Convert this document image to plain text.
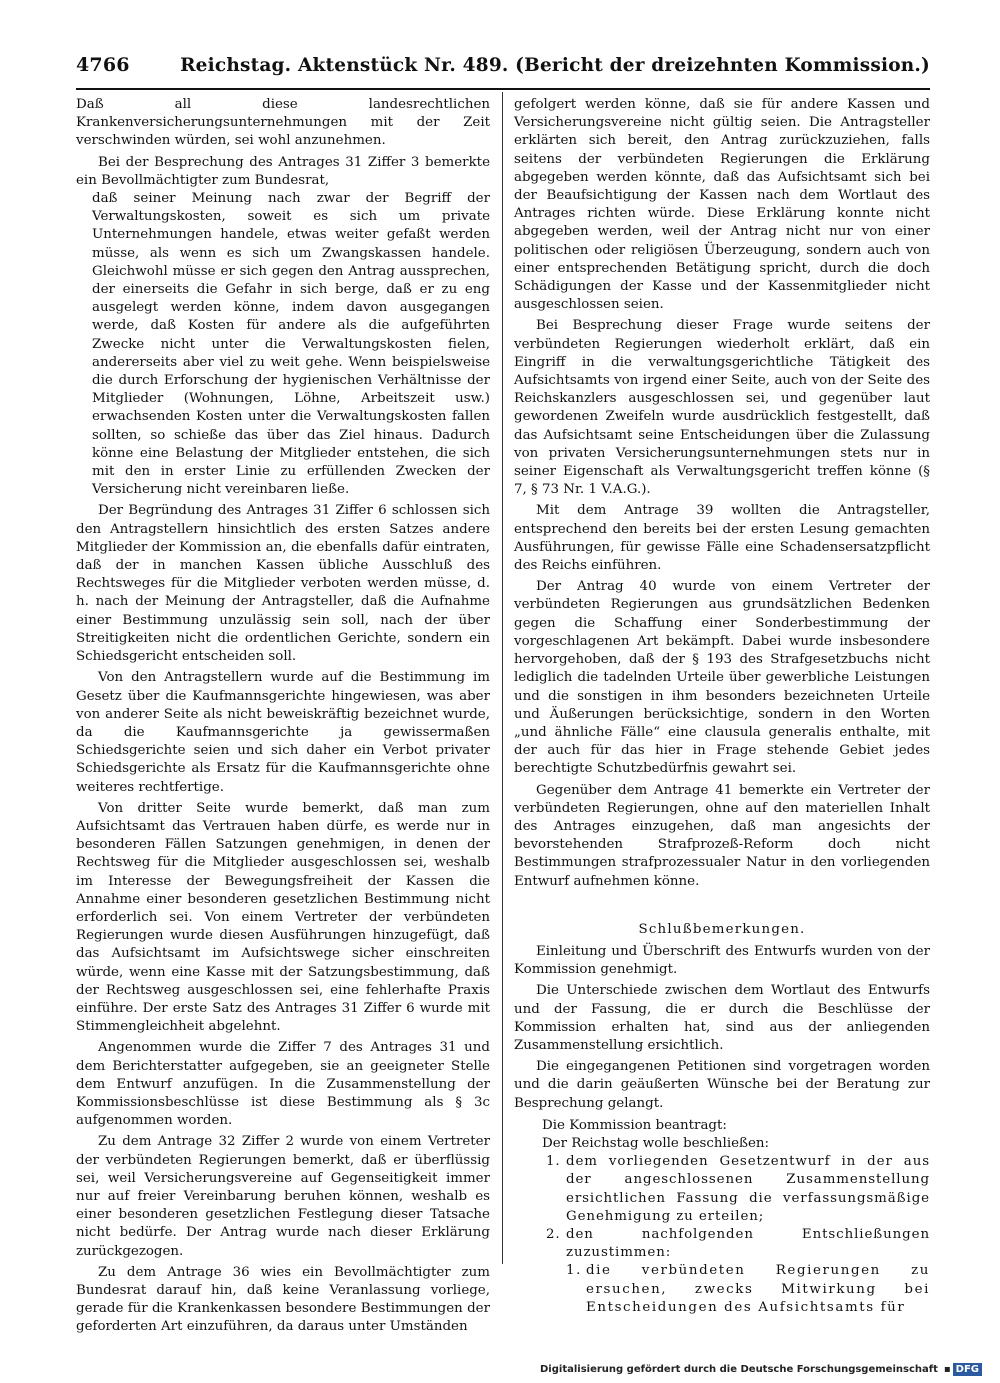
4766	Reichstag. Aktenstück Nr. 489. (Bericht der dreizehnten Kommission.)

Daß all diese landesrechtlichen Krankenversicherungsunternehmungen mit der Zeit verschwinden würden, sei wohl anzunehmen.

Bei der Besprechung des Antrages 31 Ziffer 3 bemerkte ein Bevollmächtigter zum Bundesrat,

daß seiner Meinung nach zwar der Begriff der Verwaltungskosten, soweit es sich um private Unternehmungen handele, etwas weiter gefaßt werden müsse, als wenn es sich um Zwangskassen handele. Gleichwohl müsse er sich gegen den Antrag aussprechen, der einerseits die Gefahr in sich berge, daß er zu eng ausgelegt werden könne, indem davon ausgegangen werde, daß Kosten für andere als die aufgeführten Zwecke nicht unter die Verwaltungskosten fielen, andererseits aber viel zu weit gehe. Wenn beispielsweise die durch Erforschung der hygienischen Verhältnisse der Mitglieder (Wohnungen, Löhne, Arbeitszeit usw.) erwachsenden Kosten unter die Verwaltungskosten fallen sollten, so schieße das über das Ziel hinaus. Dadurch könne eine Belastung der Mitglieder entstehen, die sich mit den in erster Linie zu erfüllenden Zwecken der Versicherung nicht vereinbaren ließe.

Der Begründung des Antrages 31 Ziffer 6 schlossen sich den Antragstellern hinsichtlich des ersten Satzes andere Mitglieder der Kommission an, die ebenfalls dafür eintraten, daß der in manchen Kassen übliche Ausschluß des Rechtsweges für die Mitglieder verboten werden müsse, d. h. nach der Meinung der Antragsteller, daß die Aufnahme einer Bestimmung unzulässig sein soll, nach der über Streitigkeiten nicht die ordentlichen Gerichte, sondern ein Schiedsgericht entscheiden soll.

Von den Antragstellern wurde auf die Bestimmung im Gesetz über die Kaufmannsgerichte hingewiesen, was aber von anderer Seite als nicht beweiskräftig bezeichnet wurde, da die Kaufmannsgerichte ja gewissermaßen Schiedsgerichte seien und sich daher ein Verbot privater Schiedsgerichte als Ersatz für die Kaufmannsgerichte ohne weiteres rechtfertige.

Von dritter Seite wurde bemerkt, daß man zum Aufsichtsamt das Vertrauen haben dürfe, es werde nur in besonderen Fällen Satzungen genehmigen, in denen der Rechtsweg für die Mitglieder ausgeschlossen sei, weshalb im Interesse der Bewegungsfreiheit der Kassen die Annahme einer besonderen gesetzlichen Bestimmung nicht erforderlich sei. Von einem Vertreter der verbündeten Regierungen wurde diesen Ausführungen hinzugefügt, daß das Aufsichtsamt im Aufsichtswege sicher einschreiten würde, wenn eine Kasse mit der Satzungsbestimmung, daß der Rechtsweg ausgeschlossen sei, eine fehlerhafte Praxis einführe. Der erste Satz des Antrages 31 Ziffer 6 wurde mit Stimmengleichheit abgelehnt.

Angenommen wurde die Ziffer 7 des Antrages 31 und dem Berichterstatter aufgegeben, sie an geeigneter Stelle dem Entwurf anzufügen. In die Zusammenstellung der Kommissionsbeschlüsse ist diese Bestimmung als § 3c aufgenommen worden.

Zu dem Antrage 32 Ziffer 2 wurde von einem Vertreter der verbündeten Regierungen bemerkt, daß er überflüssig sei, weil Versicherungsvereine auf Gegenseitigkeit immer nur auf freier Vereinbarung beruhen können, weshalb es einer besonderen gesetzlichen Festlegung dieser Tatsache nicht bedürfe. Der Antrag wurde nach dieser Erklärung zurückgezogen.

Zu dem Antrage 36 wies ein Bevollmächtigter zum Bundesrat darauf hin, daß keine Veranlassung vorliege, gerade für die Krankenkassen besondere Bestimmungen der geforderten Art einzuführen, da daraus unter Umständen

gefolgert werden könne, daß sie für andere Kassen und Versicherungsvereine nicht gültig seien. Die Antragsteller erklärten sich bereit, den Antrag zurückzuziehen, falls seitens der verbündeten Regierungen die Erklärung abgegeben werden könnte, daß das Aufsichtsamt sich bei der Beaufsichtigung der Kassen nach dem Wortlaut des Antrages richten würde. Diese Erklärung konnte nicht abgegeben werden, weil der Antrag nicht nur von einer politischen oder religiösen Überzeugung, sondern auch von einer entsprechenden Betätigung spricht, durch die doch Schädigungen der Kasse und der Kassenmitglieder nicht ausgeschlossen seien.

Bei Besprechung dieser Frage wurde seitens der verbündeten Regierungen wiederholt erklärt, daß ein Eingriff in die verwaltungsgerichtliche Tätigkeit des Aufsichtsamts von irgend einer Seite, auch von der Seite des Reichskanzlers ausgeschlossen sei, und gegenüber laut gewordenen Zweifeln wurde ausdrücklich festgestellt, daß das Aufsichtsamt seine Entscheidungen über die Zulassung von privaten Versicherungsunternehmungen stets nur in seiner Eigenschaft als Verwaltungsgericht treffen könne (§ 7, § 73 Nr. 1 V.A.G.).

Mit dem Antrage 39 wollten die Antragsteller, entsprechend den bereits bei der ersten Lesung gemachten Ausführungen, für gewisse Fälle eine Schadensersatzpflicht des Reichs einführen.

Der Antrag 40 wurde von einem Vertreter der verbündeten Regierungen aus grundsätzlichen Bedenken gegen die Schaffung einer Sonderbestimmung der vorgeschlagenen Art bekämpft. Dabei wurde insbesondere hervorgehoben, daß der § 193 des Strafgesetzbuchs nicht lediglich die tadelnden Urteile über gewerbliche Leistungen und die sonstigen in ihm besonders bezeichneten Urteile und Äußerungen berücksichtige, sondern in den Worten „und ähnliche Fälle“ eine clausula generalis enthalte, mit der auch für das hier in Frage stehende Gebiet jedes berechtigte Schutzbedürfnis gewahrt sei.

Gegenüber dem Antrage 41 bemerkte ein Vertreter der verbündeten Regierungen, ohne auf den materiellen Inhalt des Antrages einzugehen, daß man angesichts der bevorstehenden Strafprozeß-Reform doch nicht Bestimmungen strafprozessualer Natur in den vorliegenden Entwurf aufnehmen könne.

Schlußbemerkungen.

Einleitung und Überschrift des Entwurfs wurden von der Kommission genehmigt.

Die Unterschiede zwischen dem Wortlaut des Entwurfs und der Fassung, die er durch die Beschlüsse der Kommission erhalten hat, sind aus der anliegenden Zusammenstellung ersichtlich.

Die eingegangenen Petitionen sind vorgetragen worden und die darin geäußerten Wünsche bei der Beratung zur Besprechung gelangt.

Die Kommission beantragt:
Der Reichstag wolle beschließen:
1. dem vorliegenden Gesetzentwurf in der aus der angeschlossenen Zusammenstellung ersichtlichen Fassung die verfassungsmäßige Genehmigung zu erteilen;
2. den nachfolgenden Entschließungen zuzustimmen:
1. die verbündeten Regierungen zu ersuchen, zwecks Mitwirkung bei Entscheidungen des Aufsichtsamts für
Digitalisierung gefördert durch die Deutsche Forschungsgemeinschaft ▪ DFG
